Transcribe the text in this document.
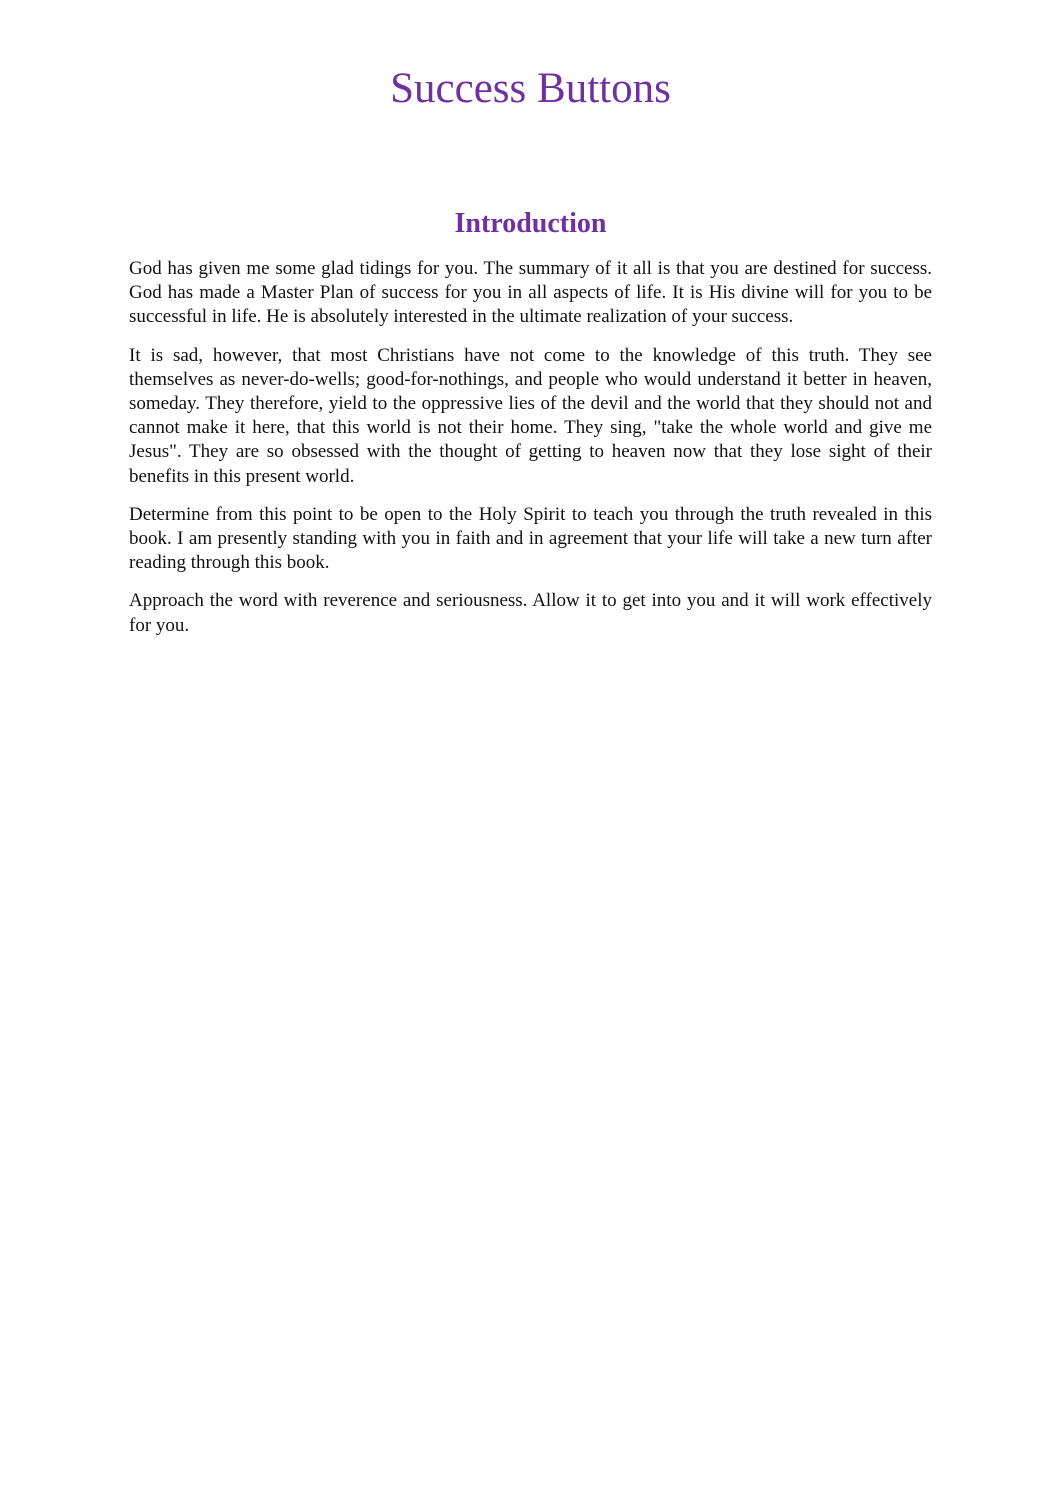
Success Buttons
Introduction

God has given me some glad tidings for you. The summary of it all is that you are destined for success. God has made a Master Plan of success for you in all aspects of life. It is His divine will for you to be successful in life. He is absolutely interested in the ultimate realization of your success.

It is sad, however, that most Christians have not come to the knowledge of this truth. They see themselves as never-do-wells; good-for-nothings, and people who would understand it better in heaven, someday. They therefore, yield to the oppressive lies of the devil and the world that they should not and cannot make it here, that this world is not their home. They sing, "take the whole world and give me Jesus". They are so obsessed with the thought of getting to heaven now that they lose sight of their benefits in this present world.

Determine from this point to be open to the Holy Spirit to teach you through the truth revealed in this book. I am presently standing with you in faith and in agreement that your life will take a new turn after reading through this book.

Approach the word with reverence and seriousness. Allow it to get into you and it will work effectively for you.
